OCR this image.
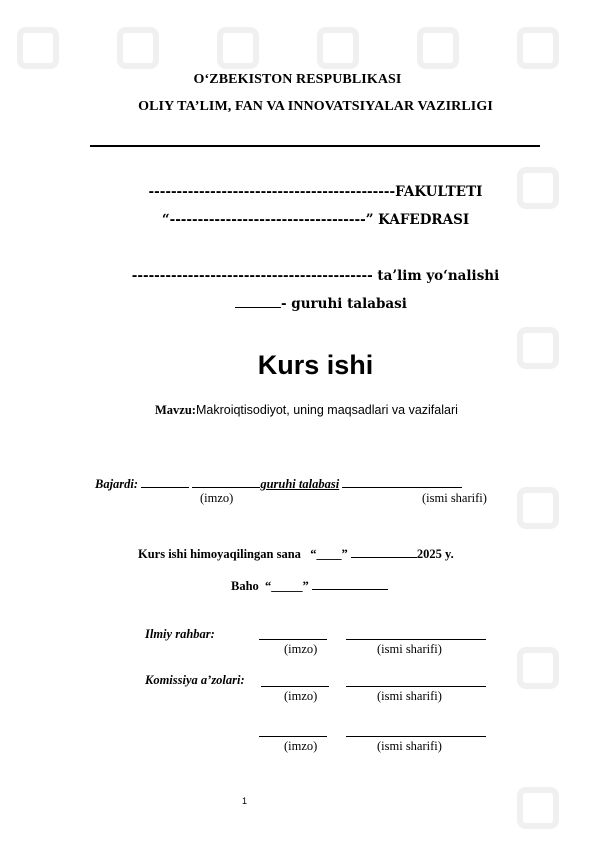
O‘ZBEKISTON RESPUBLIKASI
OLIY TA’LIM, FAN VA INNOVATSIYALAR VAZIRLIGI
--------------------------------------------FAKULTETI
“-----------------------------------” KAFEDRASI
------------------------------------------- ta’lim yo‘nalishi
- guruhi talabasi
Kurs ishi
Mavzu:Makroiqtisodiyot, uning maqsadlari va vazifalari
Bajardi:	guruhi talabasi
(imzo)	(ismi sharifi)
Kurs ishi himoyaqilingan sana “____”	2025 y.
Baho “_____”
Ilmiy rahbar:
(imzo)	(ismi sharifi)
Komissiya a’zolari:
(imzo)	(ismi sharifi)
(imzo)	(ismi sharifi)
1
